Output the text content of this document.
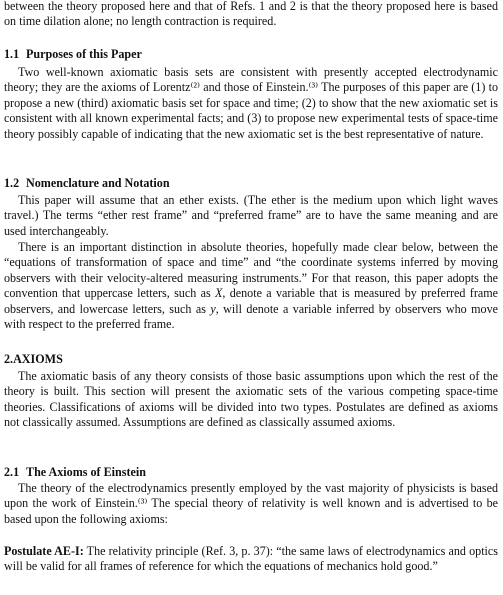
between the theory proposed here and that of Refs. 1 and 2 is that the theory proposed here is based on time dilation alone; no length contraction is required.

1.1 Purposes of this Paper

Two well-known axiomatic basis sets are consistent with presently accepted electrodynamic theory; they are the axioms of Lorentz⁽²⁾ and those of Einstein.⁽³⁾ The purposes of this paper are (1) to propose a new (third) axiomatic basis set for space and time; (2) to show that the new axiomatic set is consistent with all known experimental facts; and (3) to propose new experimental tests of space-time theory possibly capable of indicating that the new axiomatic set is the best representative of nature.

1.2 Nomenclature and Notation

This paper will assume that an ether exists. (The ether is the medium upon which light waves travel.) The terms “ether rest frame” and “preferred frame” are to have the same meaning and are used interchangeably.

There is an important distinction in absolute theories, hopefully made clear below, between the “equations of transformation of space and time” and “the coordinate systems inferred by moving observers with their velocity-altered measuring instruments.” For that reason, this paper adopts the convention that uppercase letters, such as X, denote a variable that is measured by preferred frame observers, and lowercase letters, such as y, will denote a variable inferred by observers who move with respect to the preferred frame.

2.AXIOMS

The axiomatic basis of any theory consists of those basic assumptions upon which the rest of the theory is built. This section will present the axiomatic sets of the various competing space-time theories. Classifications of axioms will be divided into two types. Postulates are defined as axioms not classically assumed. Assumptions are defined as classically assumed axioms.

2.1 The Axioms of Einstein

The theory of the electrodynamics presently employed by the vast majority of physicists is based upon the work of Einstein.⁽³⁾ The special theory of relativity is well known and is advertised to be based upon the following axioms:

Postulate AE-I: The relativity principle (Ref. 3, p. 37): “the same laws of electrodynamics and optics will be valid for all frames of reference for which the equations of mechanics hold good.”
